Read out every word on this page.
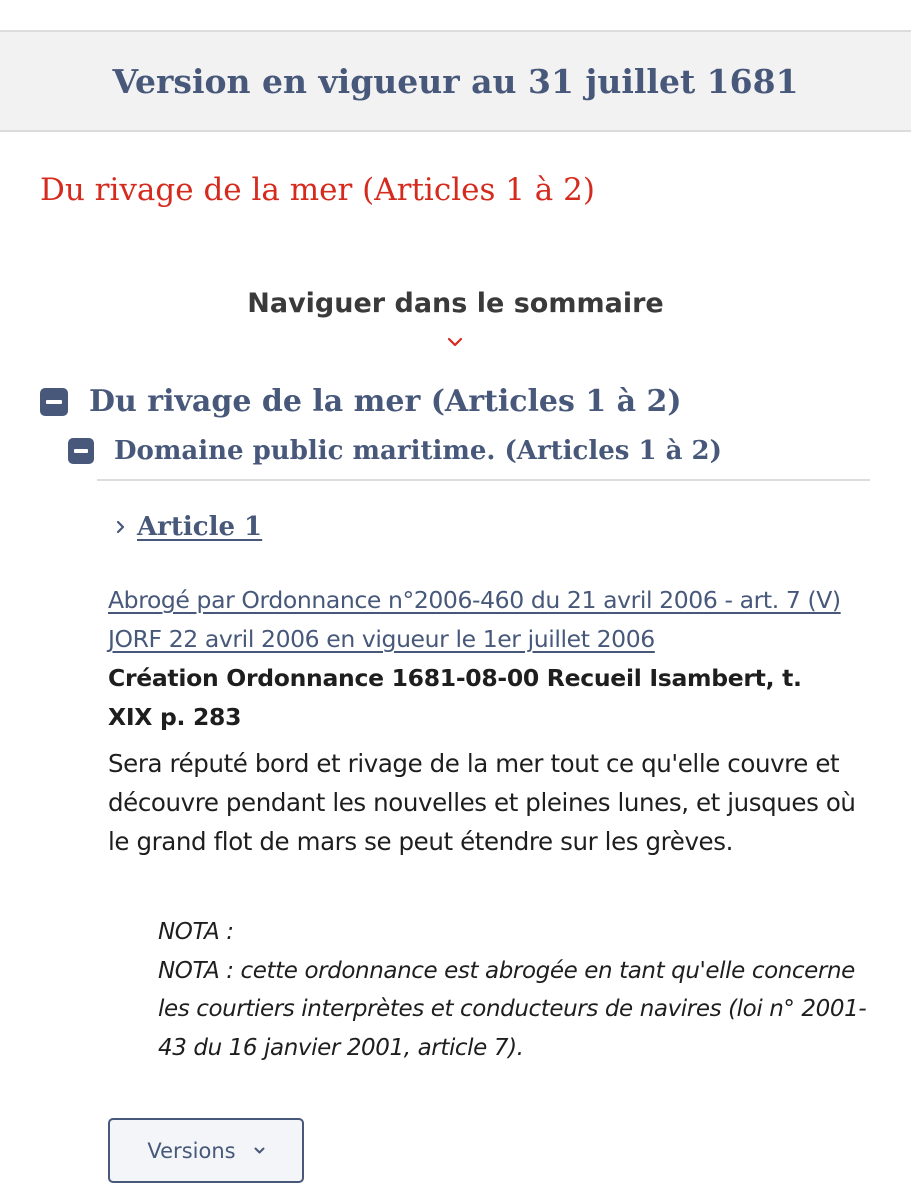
Version en vigueur au 31 juillet 1681
Du rivage de la mer (Articles 1 à 2)
Naviguer dans le sommaire
Du rivage de la mer (Articles 1 à 2)
Domaine public maritime. (Articles 1 à 2)
Article 1
Abrogé par Ordonnance n°2006-460 du 21 avril 2006 - art. 7 (V)
JORF 22 avril 2006 en vigueur le 1er juillet 2006
Création Ordonnance 1681-08-00 Recueil Isambert, t. XIX p. 283
Sera réputé bord et rivage de la mer tout ce qu'elle couvre et découvre pendant les nouvelles et pleines lunes, et jusques où le grand flot de mars se peut étendre sur les grèves.
NOTA :
NOTA : cette ordonnance est abrogée en tant qu'elle concerne les courtiers interprètes et conducteurs de navires (loi n° 2001-43 du 16 janvier 2001, article 7).
Versions
